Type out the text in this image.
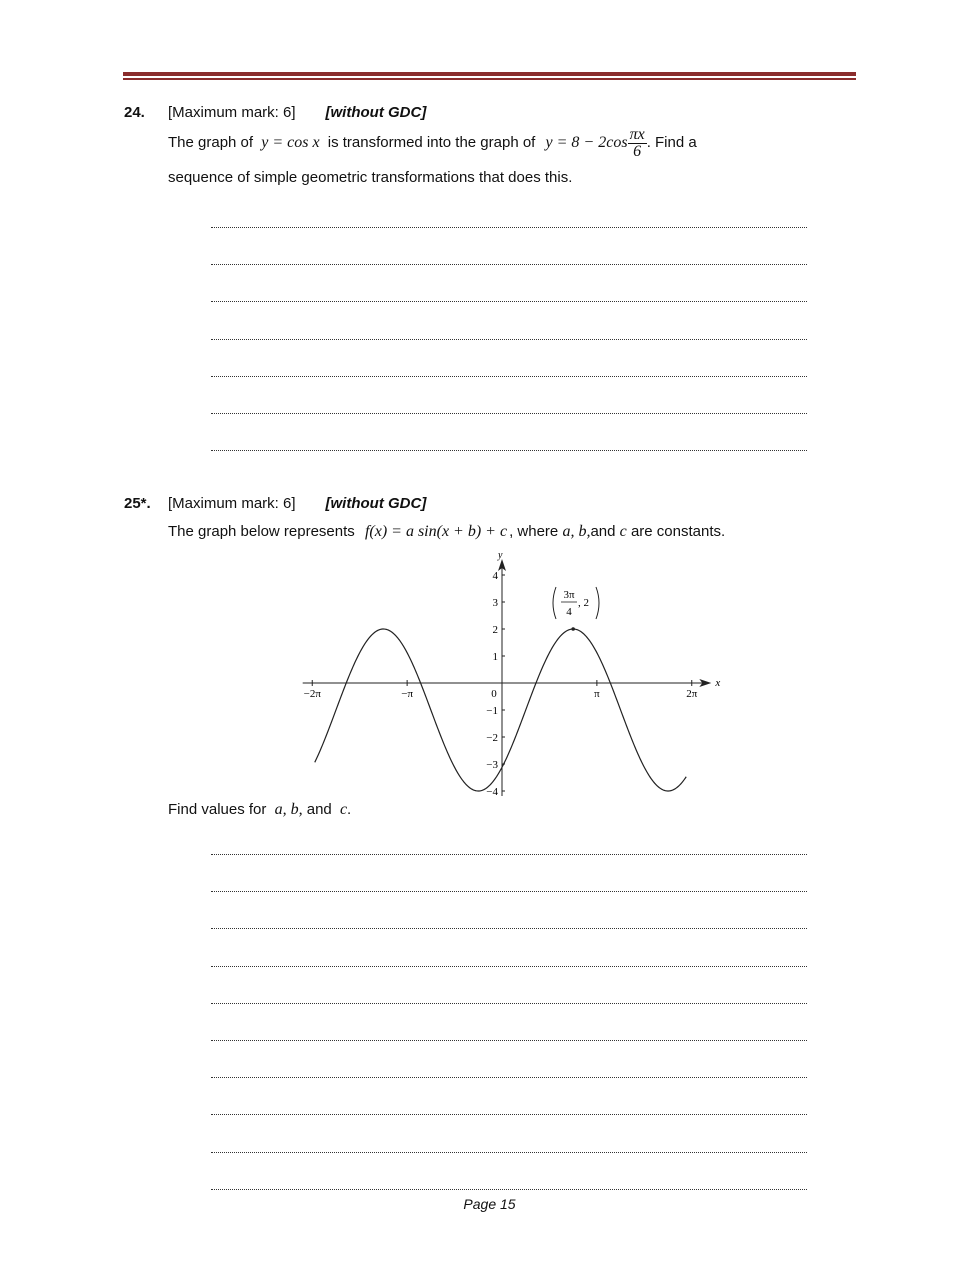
24. [Maximum mark: 6] [without GDC]
The graph of y = cos x is transformed into the graph of $y = 8 - 2\cos \frac{\pi x}{6}$ . Find a
sequence of simple geometric transformations that does this.
25*. [Maximum mark: 6] [without GDC]
The graph below represents f(x) = a sin(x + b) + c , where a, b,and c are constants.
x
y
−2π	−π	0	π	2π
4
3
2
1
−1
−2
−3
−4
3π
4
, 2
Find values for a, b, and c.
Page 15
